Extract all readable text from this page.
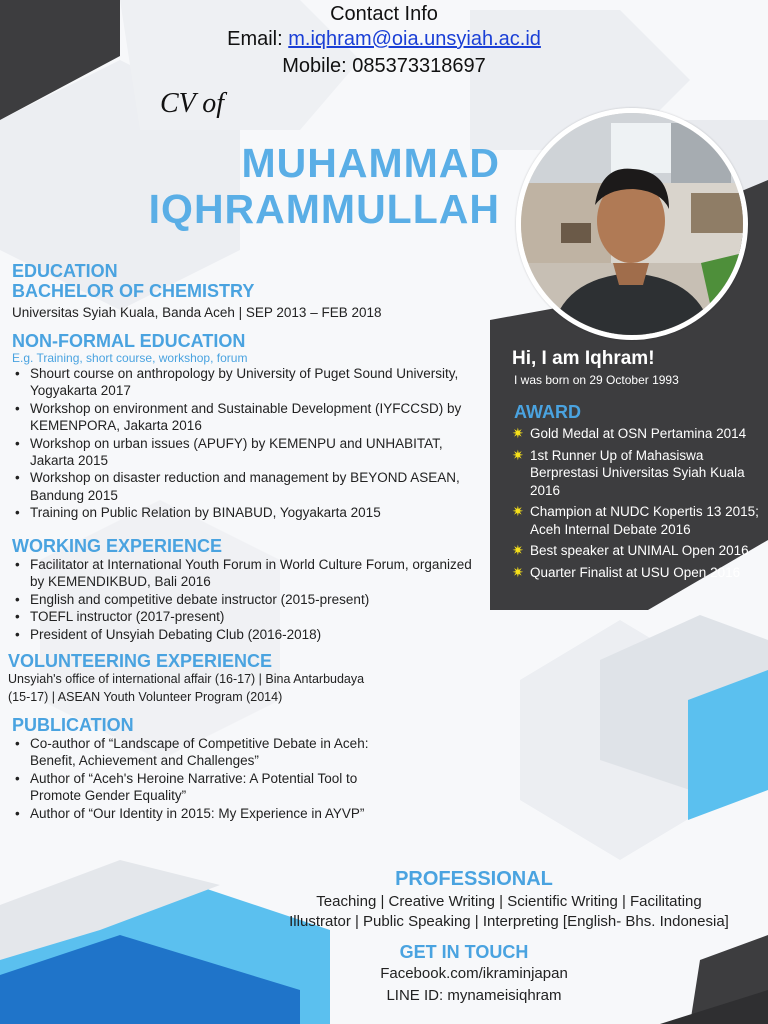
Contact Info
Email: m.iqhram@oia.unsyiah.ac.id
Mobile: 085373318697
CV of
MUHAMMAD
IQHRAMMULLAH
EDUCATION
BACHELOR OF CHEMISTRY
Universitas Syiah Kuala, Banda Aceh | SEP 2013 – FEB 2018
NON-FORMAL EDUCATION
E.g. Training, short course, workshop, forum
• Shourt course on anthropology by University of Puget Sound University, Yogyakarta 2017
• Workshop on environment and Sustainable Development (IYFCCSD) by KEMENPORA, Jakarta 2016
• Workshop on urban issues (APUFY) by KEMENPU and UNHABITAT, Jakarta 2015
• Workshop on disaster reduction and management by BEYOND ASEAN, Bandung 2015
• Training on Public Relation by BINABUD, Yogyakarta 2015
WORKING EXPERIENCE
• Facilitator at International Youth Forum in World Culture Forum, organized by KEMENDIKBUD, Bali 2016
• English and competitive debate instructor (2015-present)
• TOEFL instructor (2017-present)
• President of Unsyiah Debating Club (2016-2018)
VOLUNTEERING EXPERIENCE
Unsyiah's office of international affair (16-17) | Bina Antarbudaya
(15-17) | ASEAN Youth Volunteer Program (2014)
PUBLICATION
• Co-author of “Landscape of Competitive Debate in Aceh: Benefit, Achievement and Challenges”
• Author of “Aceh's Heroine Narrative: A Potential Tool to Promote Gender Equality”
• Author of “Our Identity in 2015: My Experience in AYVP”
Hi, I am Iqhram!
I was born on 29 October 1993
AWARD
✷ Gold Medal at OSN Pertamina 2014
✷ 1st Runner Up of Mahasiswa Berprestasi Universitas Syiah Kuala 2016
✷ Champion at NUDC Kopertis 13 2015; Aceh Internal Debate 2016
✷ Best speaker at UNIMAL Open 2016
✷ Quarter Finalist at USU Open 2016
PROFESSIONAL
Teaching | Creative Writing | Scientific Writing | Facilitating
Illustrator | Public Speaking | Interpreting [English- Bhs. Indonesia]
GET IN TOUCH
Facebook.com/ikraminjapan
LINE ID: mynameisiqhram
